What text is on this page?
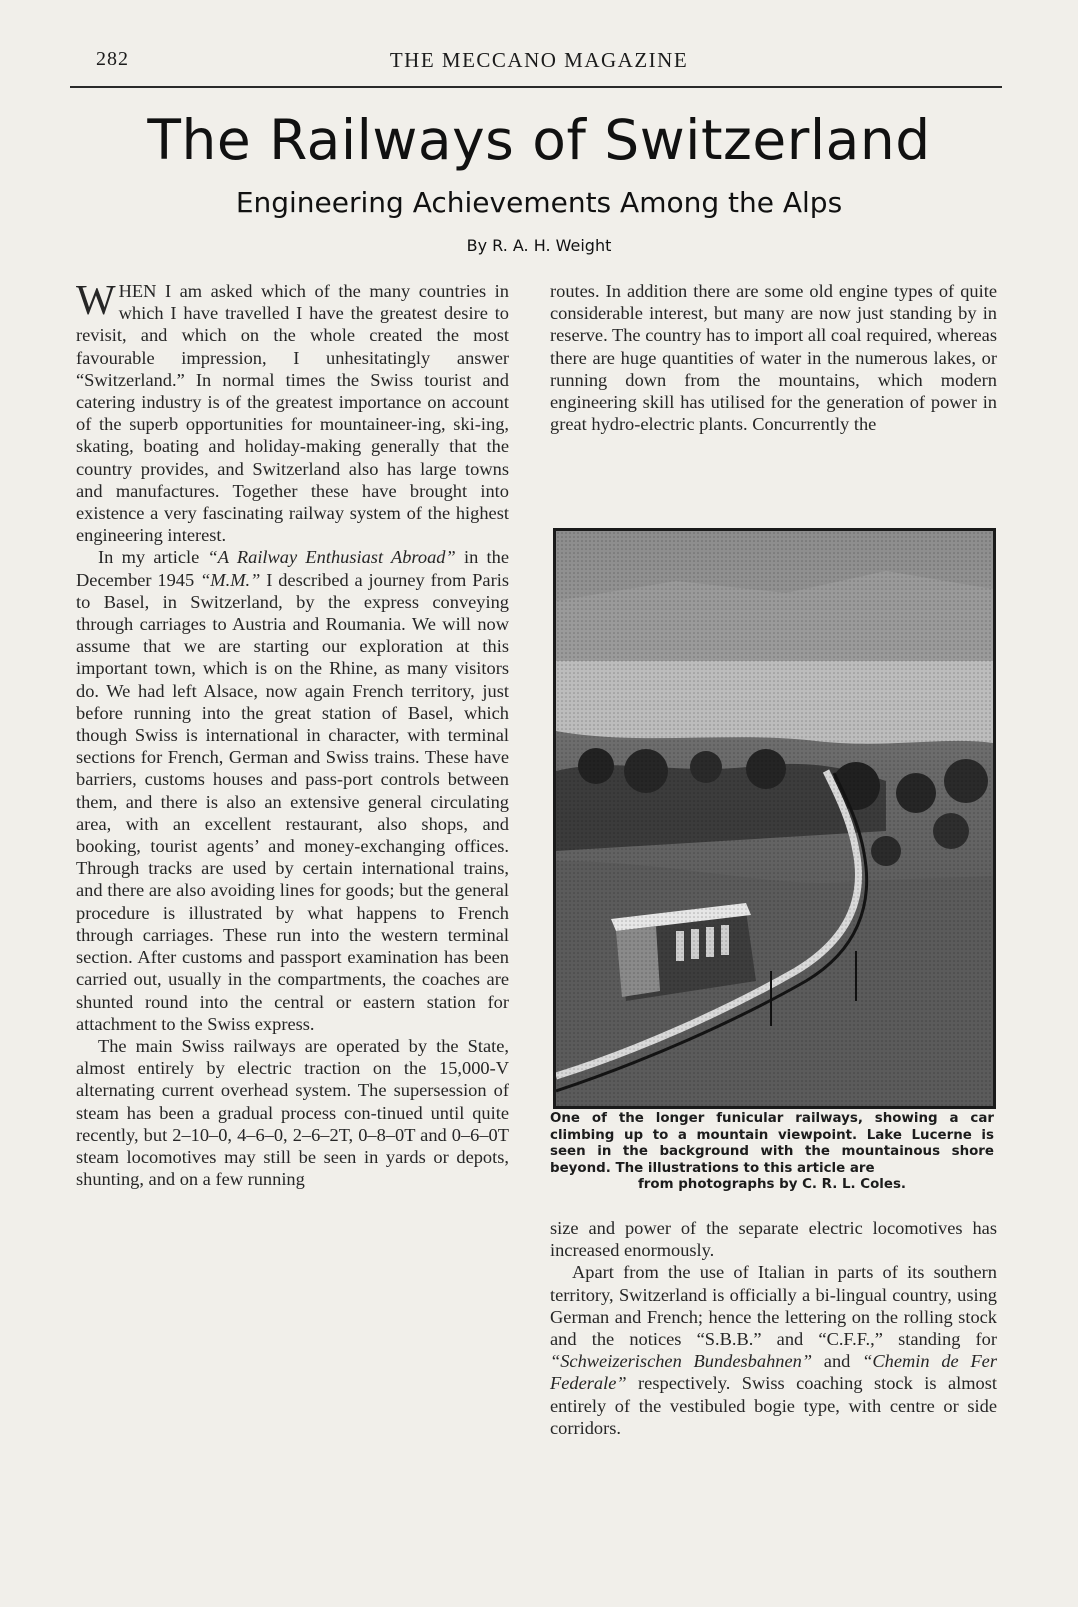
282	THE MECCANO MAGAZINE
The Railways of Switzerland
Engineering Achievements Among the Alps
By R. A. H. Weight

WHEN I am asked which of the many countries in which I have travelled I have the greatest desire to revisit, and which on the whole created the most favourable impression, I unhesitatingly answer “Switzerland.” In normal times the Swiss tourist and catering industry is of the greatest importance on account of the superb opportunities for mountaineer-ing, ski-ing, skating, boating and holiday-making generally that the country provides, and Switzerland also has large towns and manufactures. Together these have brought into existence a very fascinating railway system of the highest engineering interest.

In my article “A Railway Enthusiast Abroad” in the December 1945 “M.M.” I described a journey from Paris to Basel, in Switzerland, by the express conveying through carriages to Austria and Roumania. We will now assume that we are starting our exploration at this important town, which is on the Rhine, as many visitors do. We had left Alsace, now again French territory, just before running into the great station of Basel, which though Swiss is international in character, with terminal sections for French, German and Swiss trains. These have barriers, customs houses and pass-port controls between them, and there is also an extensive general circulating area, with an excellent restaurant, also shops, and booking, tourist agents’ and money-exchanging offices. Through tracks are used by certain international trains, and there are also avoiding lines for goods; but the general procedure is illustrated by what happens to French through carriages. These run into the western terminal section. After customs and passport examination has been carried out, usually in the compartments, the coaches are shunted round into the central or eastern station for attachment to the Swiss express.

The main Swiss railways are operated by the State, almost entirely by electric traction on the 15,000-V alternating current overhead system. The supersession of steam has been a gradual process con-tinued until quite recently, but 2–10–0, 4–6–0, 2–6–2T, 0–8–0T and 0–6–0T steam locomotives may still be seen in yards or depots, shunting, and on a few running

routes. In addition there are some old engine types of quite considerable interest, but many are now just standing by in reserve. The country has to import all coal required, whereas there are huge quantities of water in the numerous lakes, or running down from the mountains, which modern engineering skill has utilised for the generation of power in great hydro-electric plants. Concurrently the

One of the longer funicular railways, showing a car climbing up to a mountain viewpoint. Lake Lucerne is seen in the background with the mountainous shore beyond. The illustrations to this article are
from photographs by C. R. L. Coles.

size and power of the separate electric locomotives has increased enormously.

Apart from the use of Italian in parts of its southern territory, Switzerland is officially a bi-lingual country, using German and French; hence the lettering on the rolling stock and the notices “S.B.B.” and “C.F.F.,” standing for “Schweizerischen Bundesbahnen” and “Chemin de Fer Federale” respectively. Swiss coaching stock is almost entirely of the vestibuled bogie type, with centre or side corridors.
